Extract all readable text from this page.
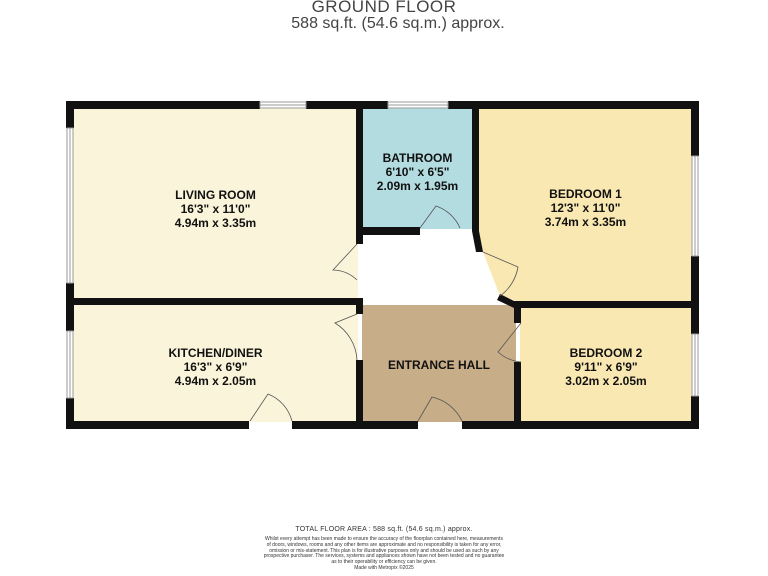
GROUND FLOOR
588 sq.ft. (54.6 sq.m.) approx.
LIVING ROOM
16'3" x 11'0"
4.94m x 3.35m
BATHROOM
6'10" x 6'5"
2.09m x 1.95m
BEDROOM 1
12'3" x 11'0"
3.74m x 3.35m
KITCHEN/DINER
16'3" x 6'9"
4.94m x 2.05m
ENTRANCE HALL
BEDROOM 2
9'11" x 6'9"
3.02m x 2.05m
TOTAL FLOOR AREA : 588 sq.ft. (54.6 sq.m.) approx.
Whilst every attempt has been made to ensure the accuracy of the floorplan contained here, measurements
of doors, windows, rooms and any other items are approximate and no responsibility is taken for any error,
omission or mis-statement. This plan is for illustrative purposes only and should be used as such by any
prospective purchaser. The services, systems and appliances shown have not been tested and no guarantee
as to their operability or efficiency can be given.
Made with Metropix ©2025
